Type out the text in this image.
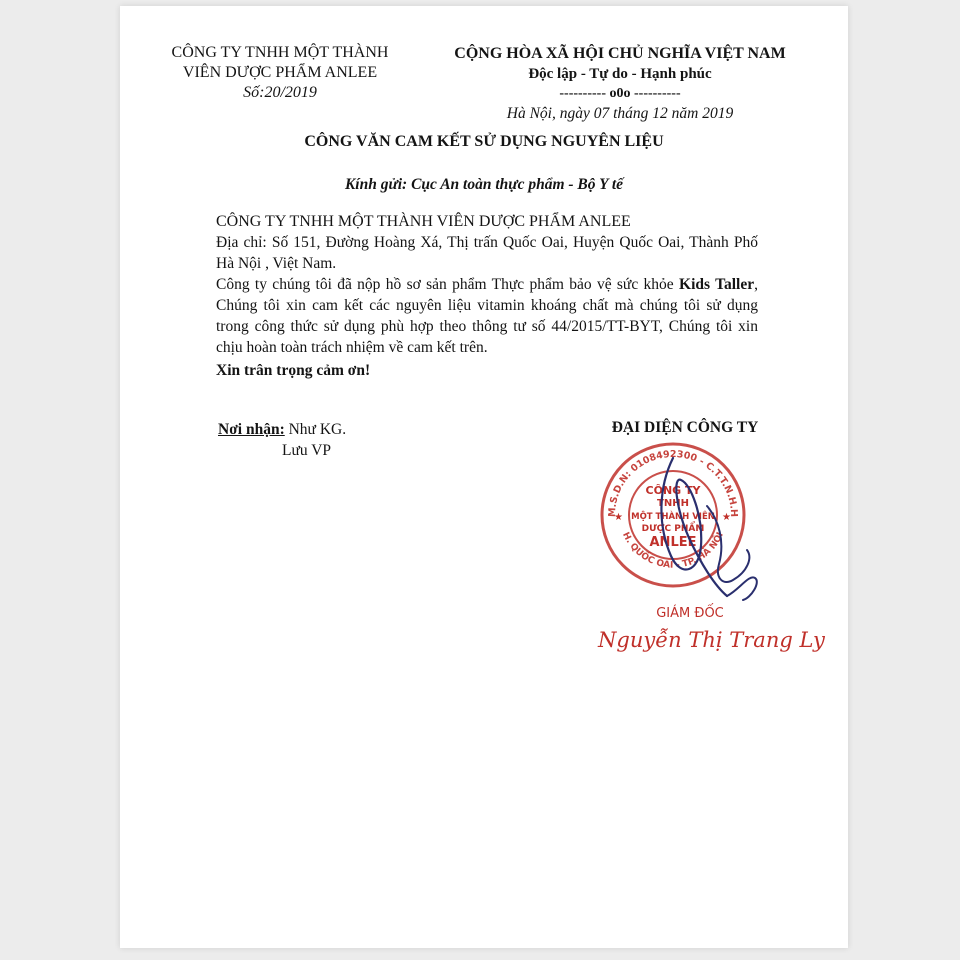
CÔNG TY TNHH MỘT THÀNH
VIÊN DƯỢC PHẨM ANLEE
Số:20/2019
CỘNG HÒA XÃ HỘI CHỦ NGHĨA VIỆT NAM
Độc lập - Tự do - Hạnh phúc
---------- o0o ----------
Hà Nội, ngày 07 tháng 12 năm 2019
CÔNG VĂN CAM KẾT SỬ DỤNG NGUYÊN LIỆU
Kính gửi: Cục An toàn thực phẩm - Bộ Y tế
CÔNG TY TNHH MỘT THÀNH VIÊN DƯỢC PHẨM ANLEE
Địa chỉ: Số 151, Đường Hoàng Xá, Thị trấn Quốc Oai, Huyện Quốc Oai, Thành Phố Hà Nội , Việt Nam.
Công ty chúng tôi đã nộp hồ sơ sản phẩm Thực phẩm bảo vệ sức khỏe Kids Taller, Chúng tôi xin cam kết các nguyên liệu vitamin khoáng chất mà chúng tôi sử dụng trong công thức sử dụng phù hợp theo thông tư số 44/2015/TT-BYT, Chúng tôi xin chịu hoàn toàn trách nhiệm về cam kết trên.
Xin trân trọng cảm ơn!
Nơi nhận: Như KG.
Lưu VP
ĐẠI DIỆN CÔNG TY
M.S.D.N: 0108492300 - C.T.T.N.H.H
H. QUỐC OAI - TP. HÀ NỘI
★	★
CÔNG TY
TNHH
MỘT THÀNH VIÊN
DƯỢC PHẨM
ANLEE
GIÁM ĐỐC
Nguyễn Thị Trang Ly
